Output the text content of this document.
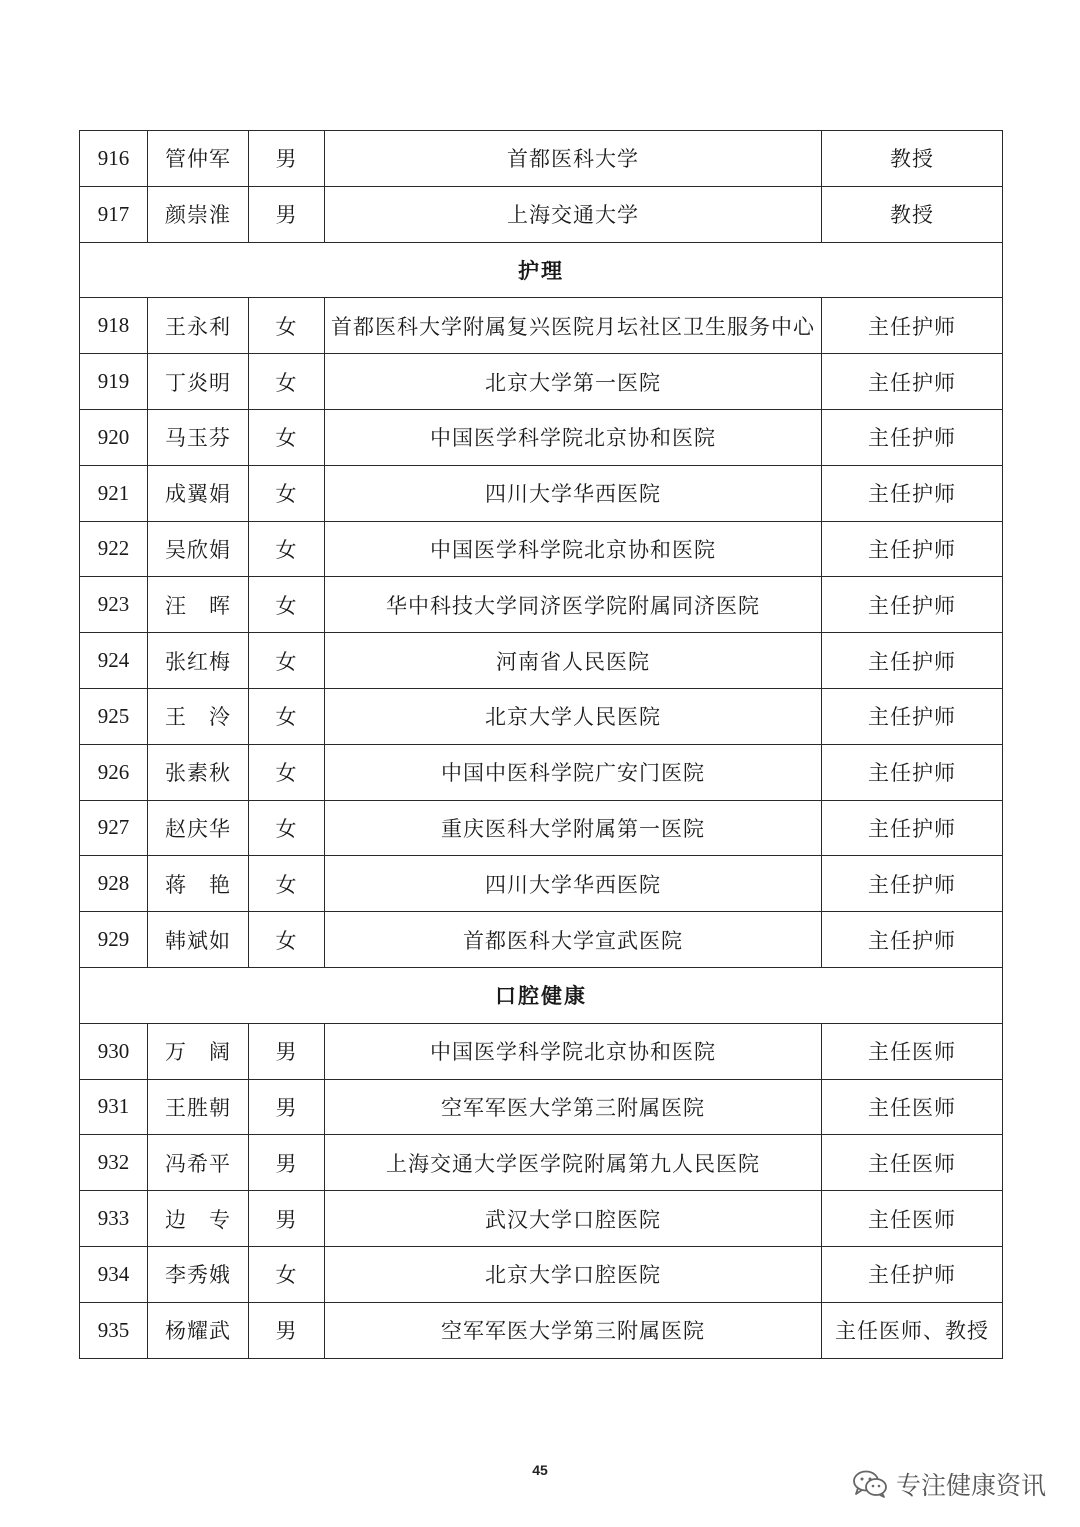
916	管仲军	男	首都医科大学	教授
917	颜崇淮	男	上海交通大学	教授
护理				
918	王永利	女	首都医科大学附属复兴医院月坛社区卫生服务中心	主任护师
919	丁炎明	女	北京大学第一医院	主任护师
920	马玉芬	女	中国医学科学院北京协和医院	主任护师
921	成翼娟	女	四川大学华西医院	主任护师
922	吴欣娟	女	中国医学科学院北京协和医院	主任护师
923	汪　晖	女	华中科技大学同济医学院附属同济医院	主任护师
924	张红梅	女	河南省人民医院	主任护师
925	王　泠	女	北京大学人民医院	主任护师
926	张素秋	女	中国中医科学院广安门医院	主任护师
927	赵庆华	女	重庆医科大学附属第一医院	主任护师
928	蒋　艳	女	四川大学华西医院	主任护师
929	韩斌如	女	首都医科大学宣武医院	主任护师
口腔健康				
930	万　阔	男	中国医学科学院北京协和医院	主任医师
931	王胜朝	男	空军军医大学第三附属医院	主任医师
932	冯希平	男	上海交通大学医学院附属第九人民医院	主任医师
933	边　专	男	武汉大学口腔医院	主任医师
934	李秀娥	女	北京大学口腔医院	主任护师
935	杨耀武	男	空军军医大学第三附属医院	主任医师、教授
45
专注健康资讯
